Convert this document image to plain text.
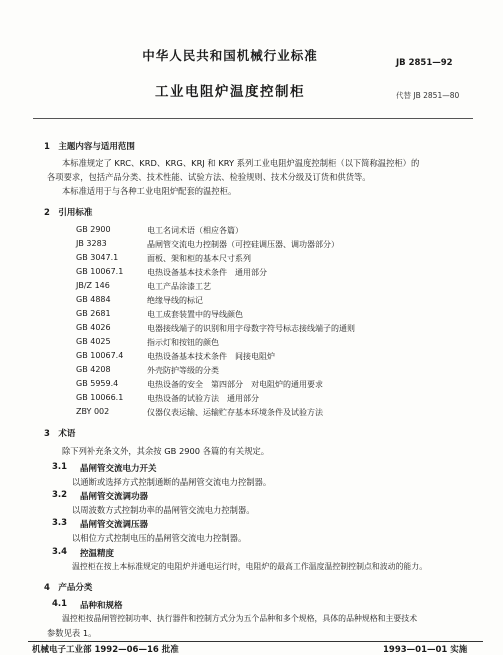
中华人民共和国机械行业标准	JB 2851—92
工业电阻炉温度控制柜	代替 JB 2851—80
1　主题内容与适用范围
本标准规定了 KRC、KRD、KRG、KRJ 和 KRY 系列工业电阻炉温度控制柜（以下简称温控柜）的
各项要求，包括产品分类、技术性能、试验方法、检验规则、技术分级及订货和供货等。
本标准适用于与各种工业电阻炉配套的温控柜。
2　引用标准
GB 2900	电工名词术语（相应各篇）
JB 3283	晶闸管交流电力控制器（可控硅调压器、调功器部分）
GB 3047.1	面板、架和柜的基本尺寸系列
GB 10067.1	电热设备基本技术条件　通用部分
JB/Z 146	电工产品涂漆工艺
GB 4884	绝缘导线的标记
GB 2681	电工成套装置中的导线颜色
GB 4026	电器接线端子的识别和用字母数字符号标志接线端子的通则
GB 4025	指示灯和按钮的颜色
GB 10067.4	电热设备基本技术条件　间接电阻炉
GB 4208	外壳防护等级的分类
GB 5959.4	电热设备的安全　第四部分　对电阻炉的通用要求
GB 10066.1	电热设备的试验方法　通用部分
ZBY 002	仪器仪表运输、运输贮存基本环境条件及试验方法
3　术语
除下列补充条文外，其余按 GB 2900 各篇的有关规定。
3.1 晶闸管交流电力开关
以通断或选择方式控制通断的晶闸管交流电力控制器。
3.2 晶闸管交流调功器
以周波数方式控制功率的晶闸管交流电力控制器。
3.3 晶闸管交流调压器
以相位方式控制电压的晶闸管交流电力控制器。
3.4 控温精度
温控柜在按上本标准规定的电阻炉并通电运行时，电阻炉的最高工作温度温控制控制点和波动的能力。
4　产品分类
4.1 品种和规格
温控柜按晶闸管控制功率、执行器件和控制方式分为五个品种和多个规格，具体的品种规格和主要技术
参数见表 1。
机械电子工业部 1992—06—16 批准	1993—01—01 实施
